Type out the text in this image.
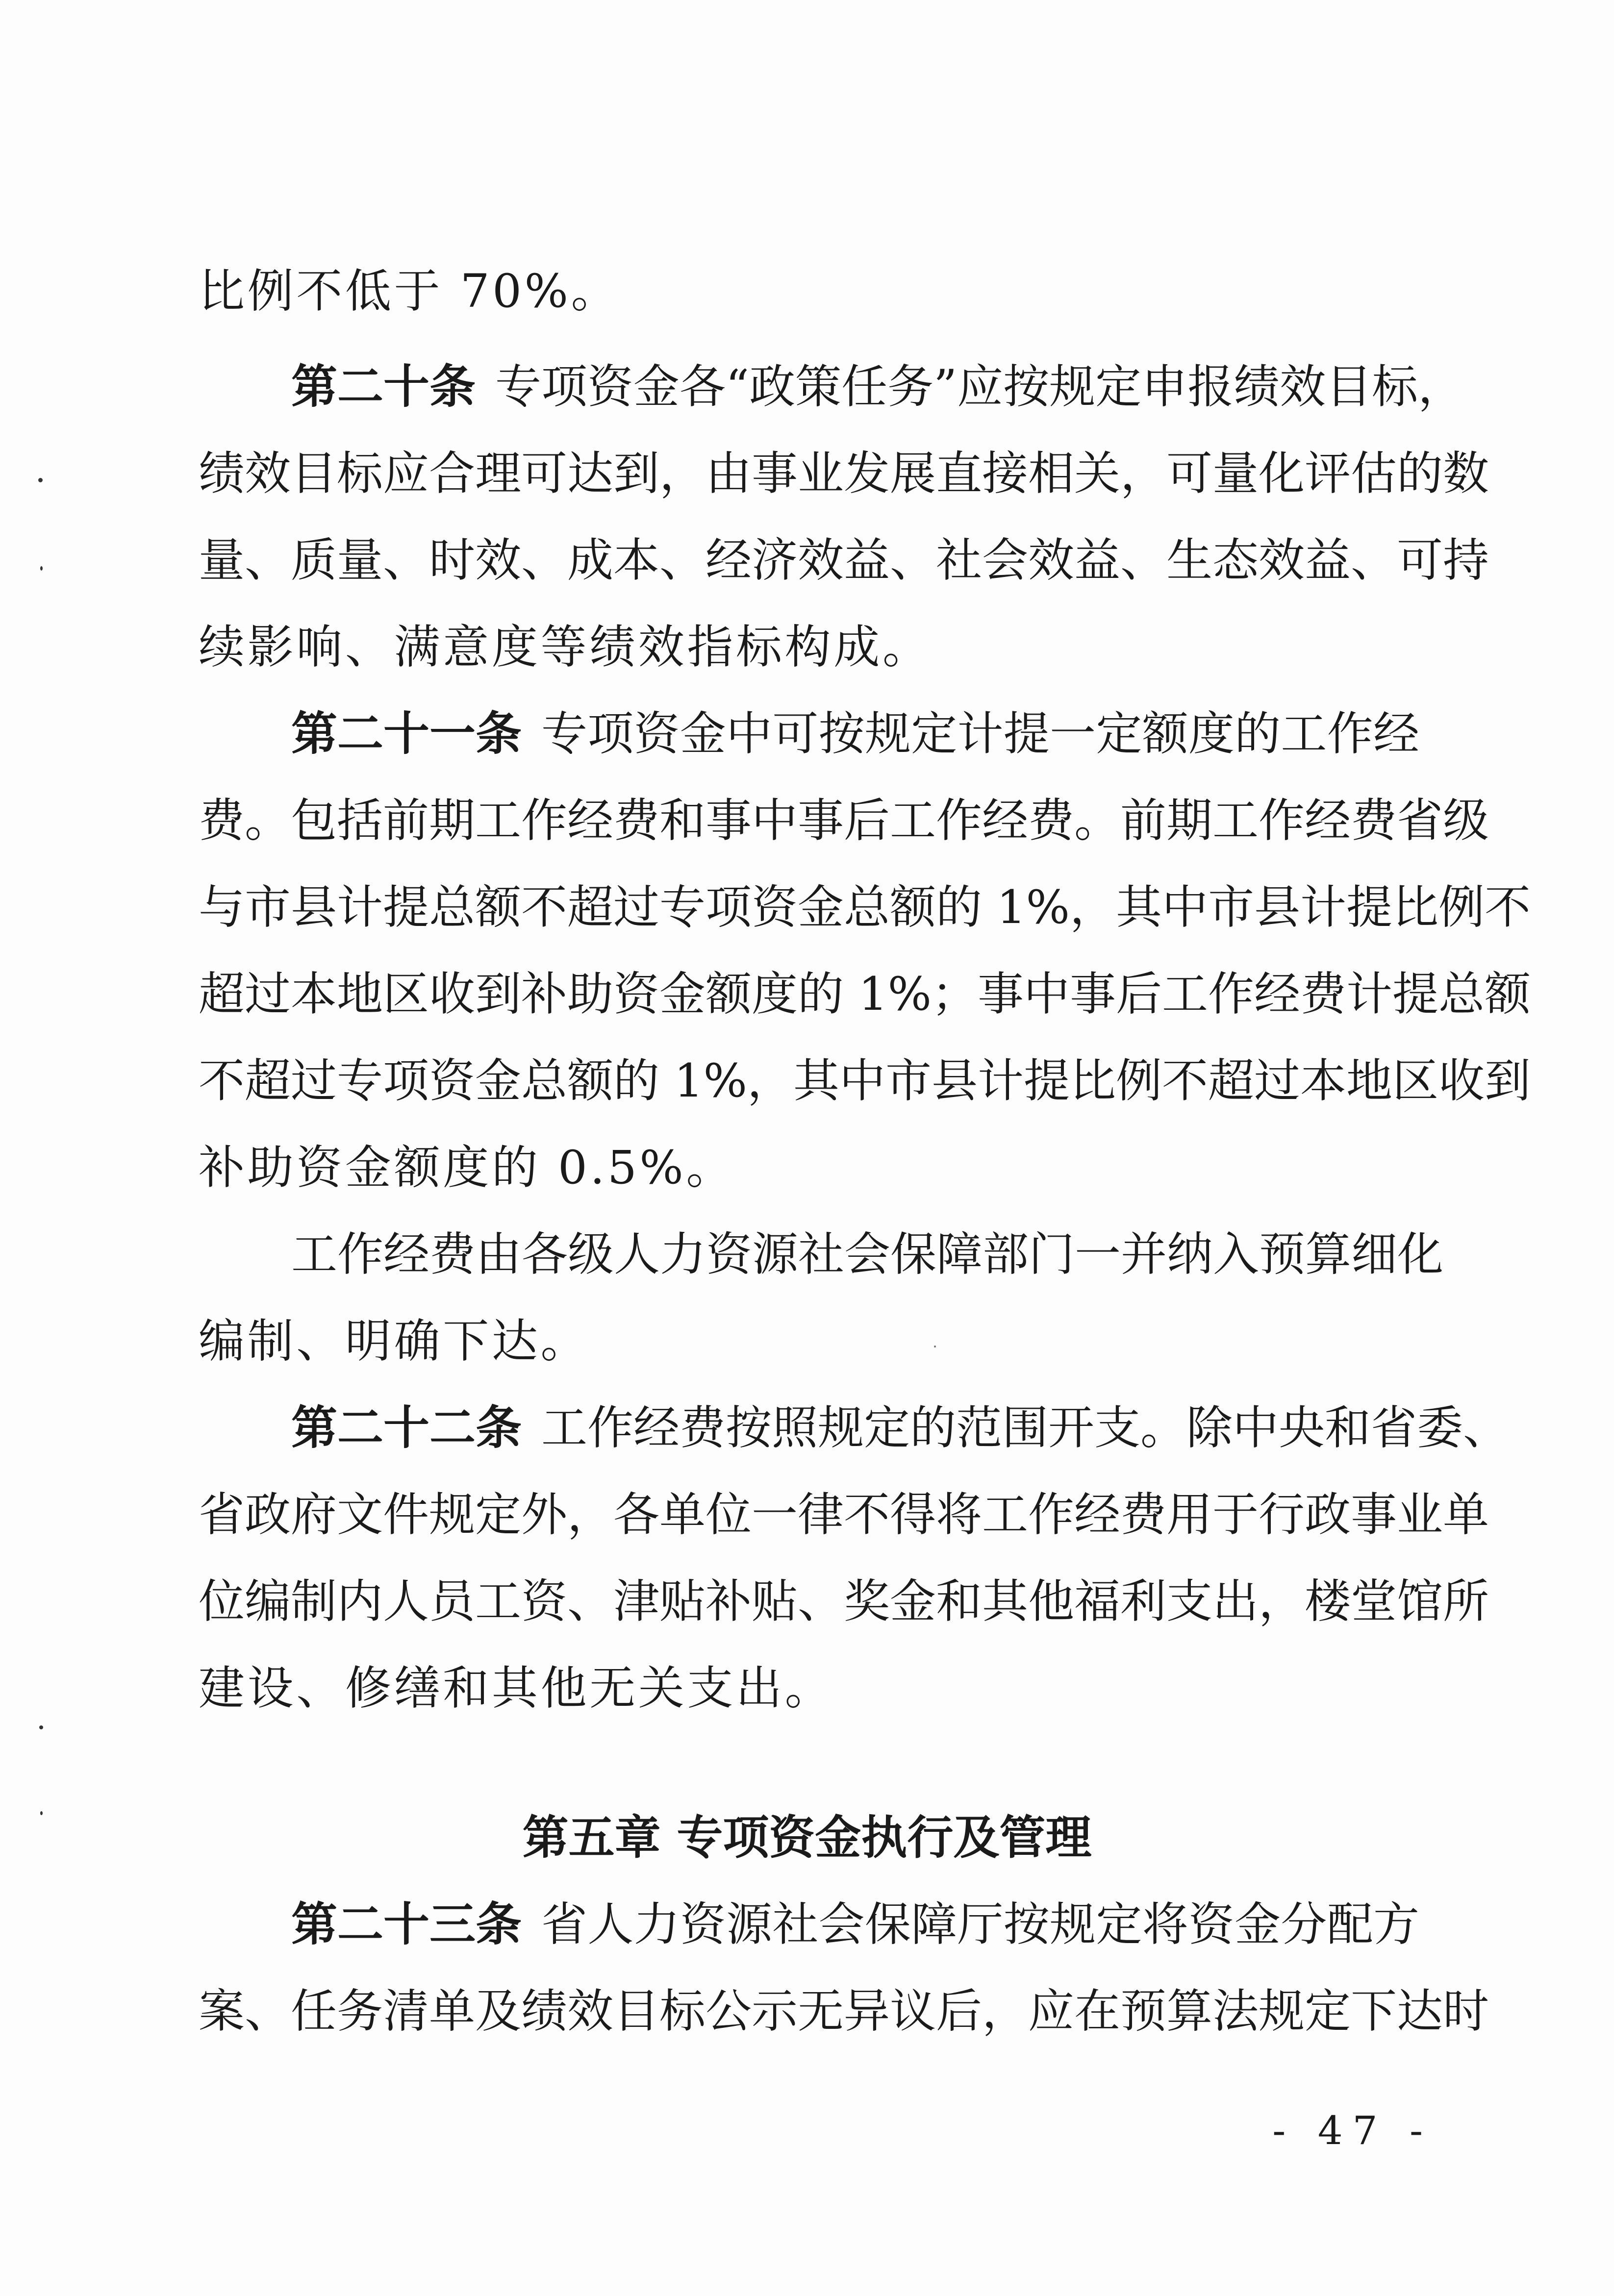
比例不低于 70%。
第二十条 专项资金各“政策任务”应按规定申报绩效目标，
绩效目标应合理可达到，由事业发展直接相关，可量化评估的数
量、质量、时效、成本、经济效益、社会效益、生态效益、可持
续影响、满意度等绩效指标构成。
第二十一条 专项资金中可按规定计提一定额度的工作经
费。包括前期工作经费和事中事后工作经费。前期工作经费省级
与市县计提总额不超过专项资金总额的 1%，其中市县计提比例不
超过本地区收到补助资金额度的 1%；事中事后工作经费计提总额
不超过专项资金总额的 1%，其中市县计提比例不超过本地区收到
补助资金额度的 0.5%。
工作经费由各级人力资源社会保障部门一并纳入预算细化
编制、明确下达。
第二十二条 工作经费按照规定的范围开支。除中央和省委、
省政府文件规定外，各单位一律不得将工作经费用于行政事业单
位编制内人员工资、津贴补贴、奖金和其他福利支出，楼堂馆所
建设、修缮和其他无关支出。
第五章 专项资金执行及管理
第二十三条 省人力资源社会保障厅按规定将资金分配方
案、任务清单及绩效目标公示无异议后，应在预算法规定下达时
- 47 -
